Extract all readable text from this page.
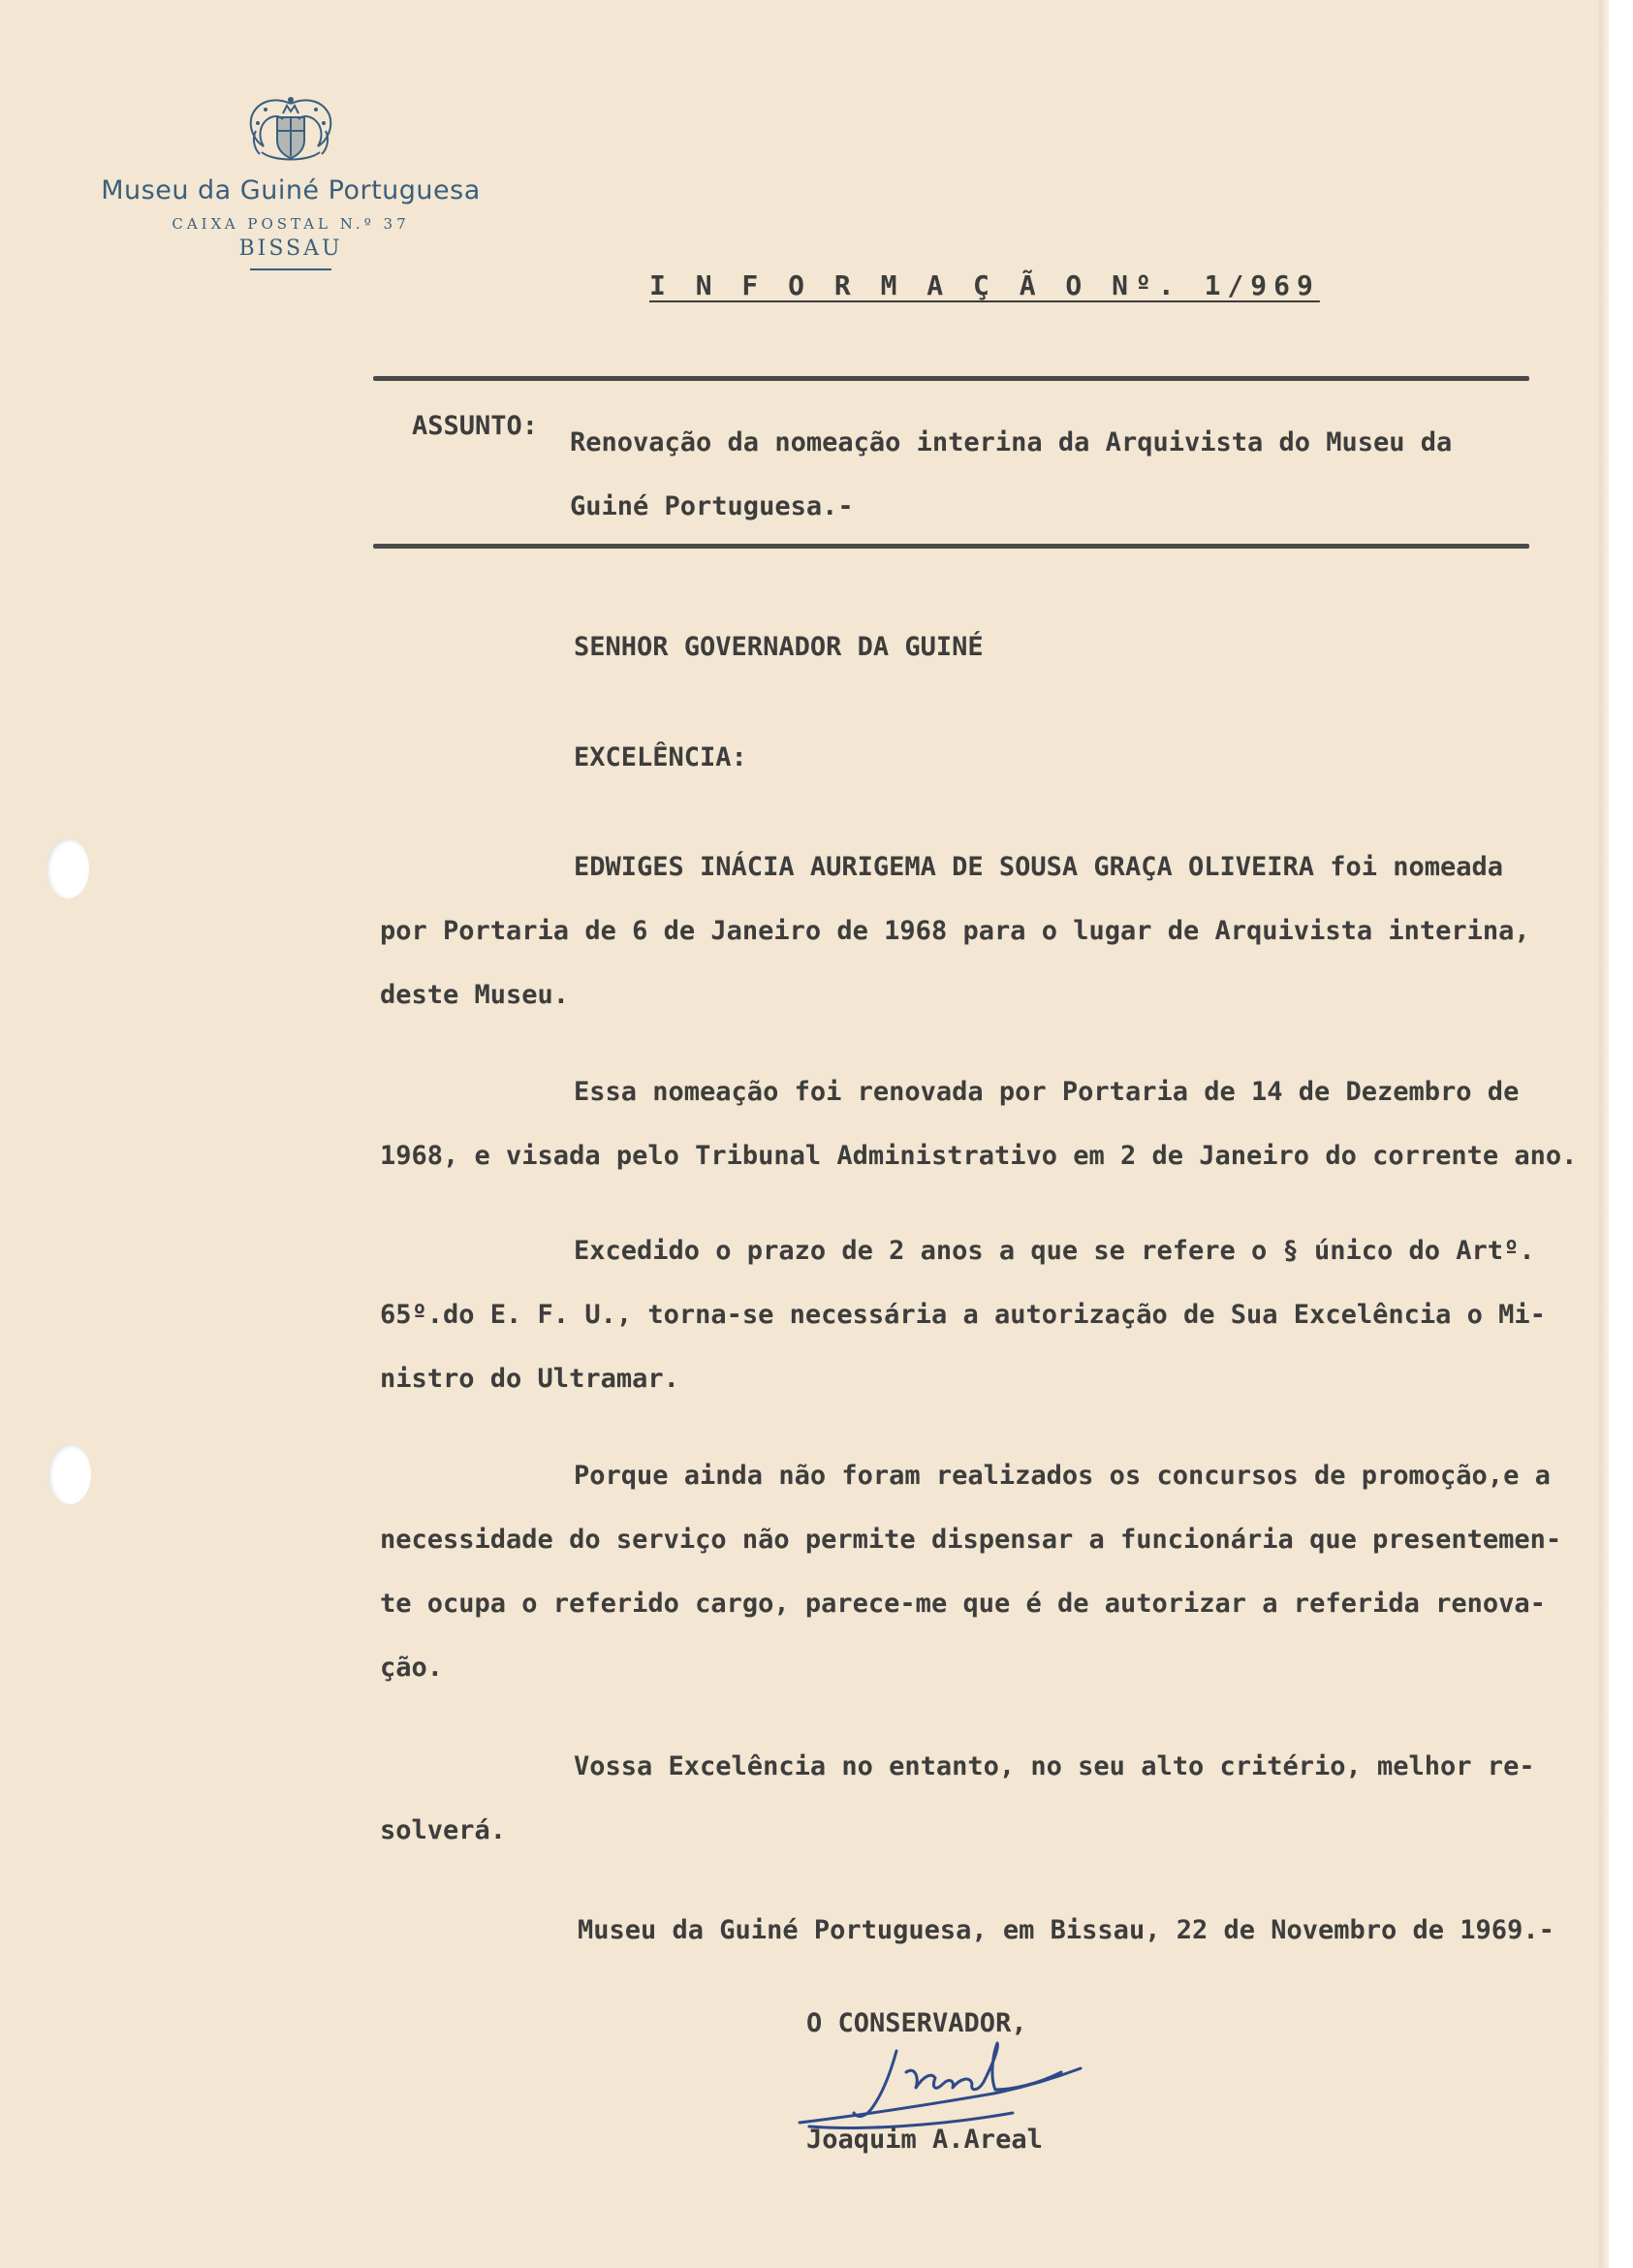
Museu da Guiné Portuguesa
CAIXA POSTAL N.º 37
BISSAU
I N F O R M A Ç Ã O Nº. 1/969
ASSUNTO:
Renovação da nomeação interina da Arquivista do Museu da
Guiné Portuguesa.-
SENHOR GOVERNADOR DA GUINÉ
EXCELÊNCIA:
EDWIGES INÁCIA AURIGEMA DE SOUSA GRAÇA OLIVEIRA foi nomeada
por Portaria de 6 de Janeiro de 1968 para o lugar de Arquivista interina,
deste Museu.
Essa nomeação foi renovada por Portaria de 14 de Dezembro de
1968, e visada pelo Tribunal Administrativo em 2 de Janeiro do corrente ano.
Excedido o prazo de 2 anos a que se refere o § único do Artº.
65º.do E. F. U., torna-se necessária a autorização de Sua Excelência o Mi-
nistro do Ultramar.
Porque ainda não foram realizados os concursos de promoção,e a
necessidade do serviço não permite dispensar a funcionária que presentemen-
te ocupa o referido cargo, parece-me que é de autorizar a referida renova-
ção.
Vossa Excelência no entanto, no seu alto critério, melhor re-
solverá.
Museu da Guiné Portuguesa, em Bissau, 22 de Novembro de 1969.-
O CONSERVADOR,
Joaquim A.Areal
